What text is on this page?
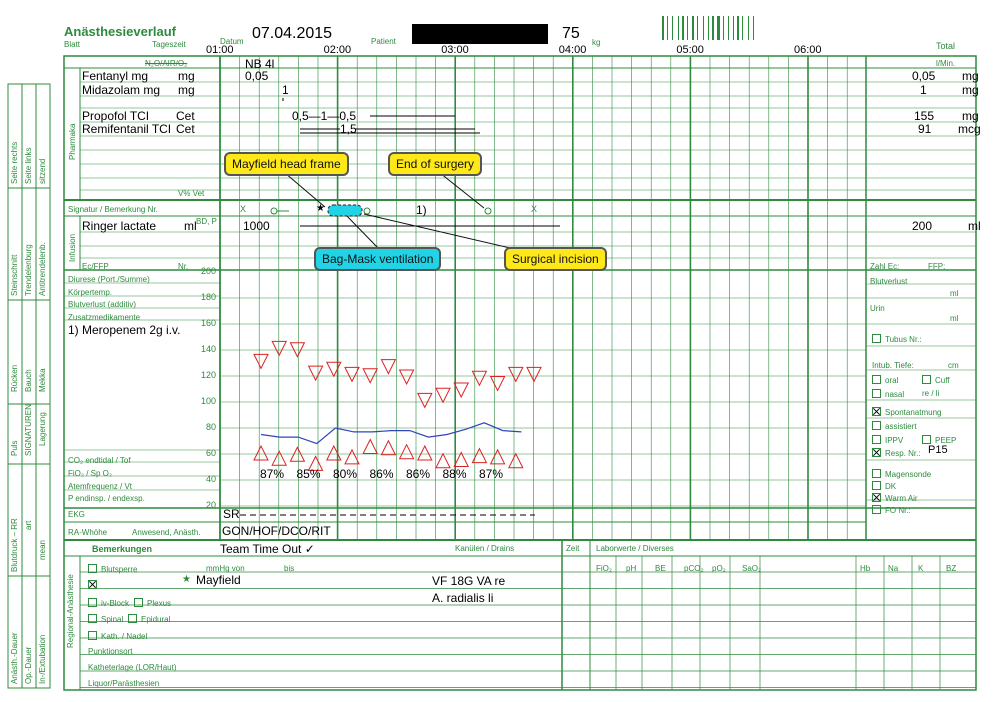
Anästhesieverlauf
Blatt	Tageszeit	Datum 07.04.2015	Patient	75
kg	Total
01:00	02:00	03:00	04:00	05:00	06:00
N₂O/AIR/O₂	NB 4l	l/Min.
Pharmaka
Fentanyl mg mg	0,05	0,05 mg
Midazolam mg mg	1	1	mg
Propofol TCI Cet	0,5—1—0,5	155 mg
Remifentanil TCI Cet	1,5	91 mcg
V% Vet
Mayfield head frame	End of surgery
Bag-Mask ventilation	Surgical incision
Signatur / Bemerkung Nr.	X	★	1)	X
Infusion
Ringer lactate ml BD, P 1000	200	ml
Ec/FFP	Nr.	Zahl Ec:	FFP:
Diurese (Port./Summe)
Körpertemp.
Blutverlust (additiv)
Zusatzmedikamente
1) Meropenem 2g i.v.
CO₂ endtidal / Tof
FiO₂ / Sp O₂
Atemfrequenz / Vt
P endinsp. / endexsp.
EKG	SR
RA-Whöhe	Anwesend, Anästh. GON/HOF/DCO/RIT
200
180
160
140
120
100
80
60
40
20
87% 85% 80% 86% 86% 88% 87%
Blutverlust
ml
Urin
ml
Tubus Nr.:
Intub. Tiefe:	cm
oral	Cuff
nasal re / li
Spontanatmung
assistiert
IPPV	PEEP
Resp. Nr.: P15
Magensonde
DK
Warm Air
FO Nr.:
Seite rechts Seite links sitzend
Steinschnitt Trendelenburg Antitrendelenb.
Rücken Bauch Mekka
Lagerung
SIGNATUREN
Puls
Blutdruck – RR art
mean
Anästh.-Dauer Op.-Dauer In-/Extubation
Bemerkungen	Team Time Out ✓	Kanülen / Drains	Zeit Laborwerte / Diverses
FiO₂ pH BE pCO₂ pO₂ SaO₂	Hb Na K	BZ
Regional-Anästhesie
Blutsperre	mmHg von	bis
★ Mayfield	VF 18G VA re
A. radialis li
iv-Block	Plexus
Spinal	Epidural
Kath. / Nadel
Punktionsort
Katheterlage (LOR/Haut)
Liquor/Parästhesien
